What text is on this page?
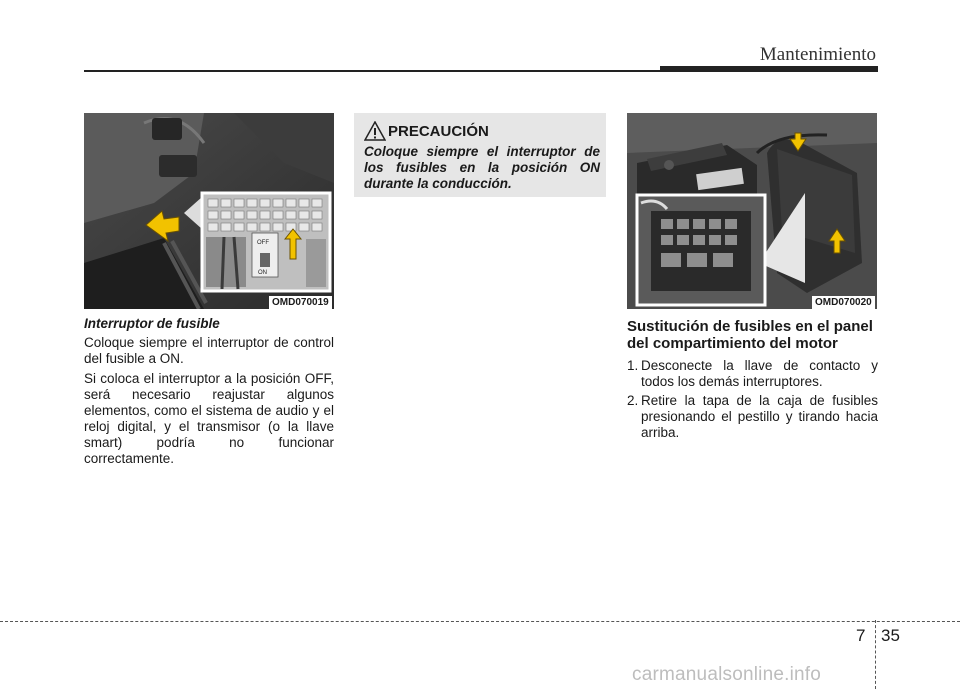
Mantenimiento
OFF
ON
OMD070019

Interruptor de fusible

Coloque siempre el interruptor de control del fusible a ON.

Si coloca el interruptor a la posición OFF, será necesario reajustar algunos elementos, como el sistema de audio y el reloj digital, y el transmisor (o la llave smart) podría no funcionar correctamente.

PRECAUCIÓN
Coloque siempre el interruptor de los fusibles en la posición ON durante la conducción.
OMD070020

Sustitución de fusibles en el panel del compartimiento del motor

1. Desconecte la llave de contacto y todos los demás interruptores.

2. Retire la tapa de la caja de fusibles presionando el pestillo y tirando hacia arriba.

7 35
carmanualsonline.info
